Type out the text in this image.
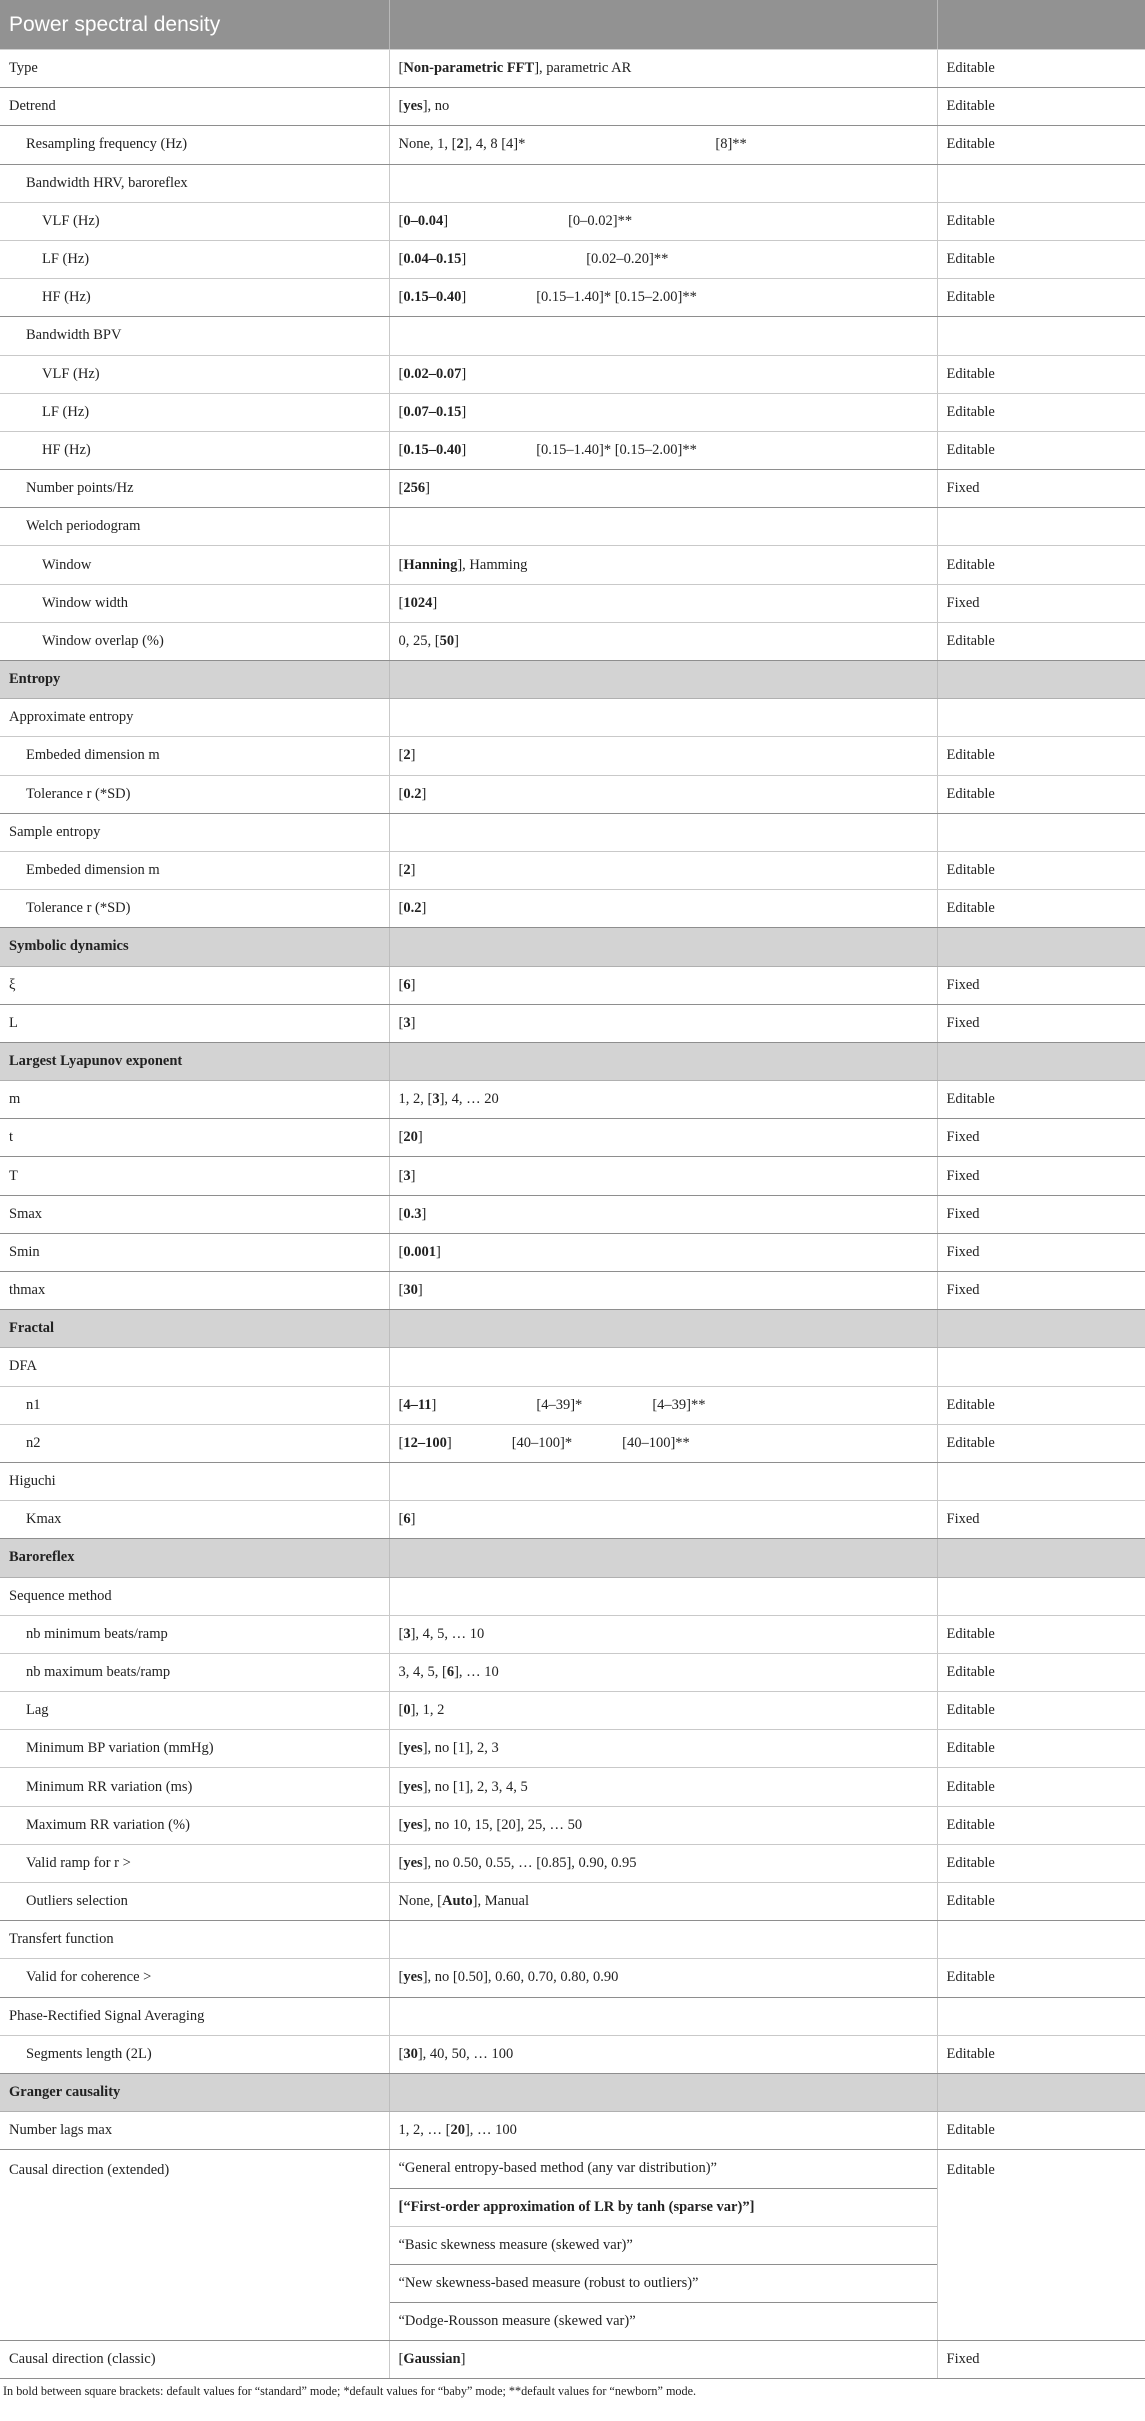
Power spectral density		
Type	[Non-parametric FFT], parametric AR	Editable
Detrend	[yes], no	Editable
Resampling frequency (Hz)	None, 1, [2], 4, 8 [4]* [8]**	Editable
Bandwidth HRV, baroreflex		
VLF (Hz)	[0–0.04] [0–0.02]**	Editable
LF (Hz)	[0.04–0.15] [0.02–0.20]**	Editable
HF (Hz)	[0.15–0.40] [0.15–1.40]* [0.15–2.00]**	Editable
Bandwidth BPV		
VLF (Hz)	[0.02–0.07]	Editable
LF (Hz)	[0.07–0.15]	Editable
HF (Hz)	[0.15–0.40] [0.15–1.40]* [0.15–2.00]**	Editable
Number points/Hz	[256]	Fixed
Welch periodogram		
Window	[Hanning], Hamming	Editable
Window width	[1024]	Fixed
Window overlap (%)	0, 25, [50]	Editable
Entropy		
Approximate entropy		
Embeded dimension m	[2]	Editable
Tolerance r (*SD)	[0.2]	Editable
Sample entropy		
Embeded dimension m	[2]	Editable
Tolerance r (*SD)	[0.2]	Editable
Symbolic dynamics		
ξ	[6]	Fixed
L	[3]	Fixed
Largest Lyapunov exponent		
m	1, 2, [3], 4, … 20	Editable
t	[20]	Fixed
T	[3]	Fixed
Smax	[0.3]	Fixed
Smin	[0.001]	Fixed
thmax	[30]	Fixed
Fractal		
DFA		
n1	[4–11] [4–39]* [4–39]**	Editable
n2	[12–100] [40–100]* [40–100]**	Editable
Higuchi		
Kmax	[6]	Fixed
Baroreflex		
Sequence method		
nb minimum beats/ramp	[3], 4, 5, … 10	Editable
nb maximum beats/ramp	3, 4, 5, [6], … 10	Editable
Lag	[0], 1, 2	Editable
Minimum BP variation (mmHg)	[yes], no [1], 2, 3	Editable
Minimum RR variation (ms)	[yes], no [1], 2, 3, 4, 5	Editable
Maximum RR variation (%)	[yes], no 10, 15, [20], 25, … 50	Editable
Valid ramp for r >	[yes], no 0.50, 0.55, … [0.85], 0.90, 0.95	Editable
Outliers selection	None, [Auto], Manual	Editable
Transfert function		
Valid for coherence >	[yes], no [0.50], 0.60, 0.70, 0.80, 0.90	Editable
Phase-Rectified Signal Averaging		
Segments length (2L)	[30], 40, 50, … 100	Editable
Granger causality		
Number lags max	1, 2, … [20], … 100	Editable
Causal direction (extended)	“General entropy-based method (any var distribution)”
[“First-order approximation of LR by tanh (sparse var)”]
“Basic skewness measure (skewed var)”
“New skewness-based measure (robust to outliers)”
“Dodge-Rousson measure (skewed var)”	Editable
Causal direction (classic)	[Gaussian]	Fixed
In bold between square brackets: default values for “standard” mode; *default values for “baby” mode; **default values for “newborn” mode.
